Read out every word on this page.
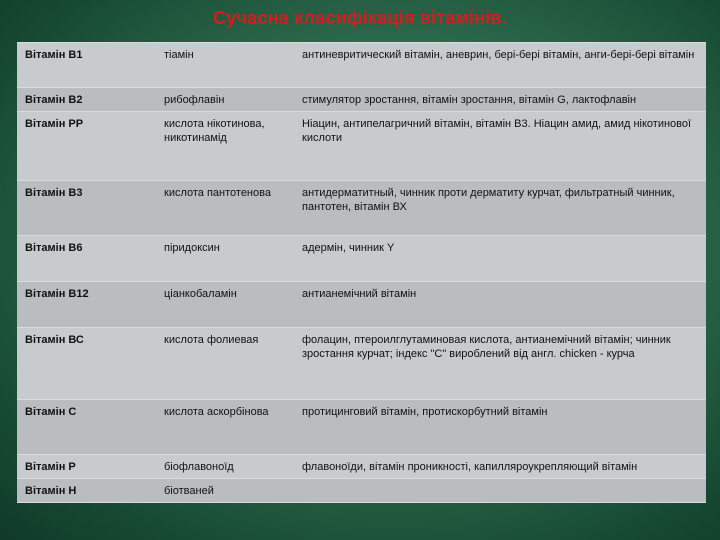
Сучасна класифікація вітамінів.
Вітамін В1	тіамін	антиневритический вітамін, аневрин, бері-бері вітамін, анги-бері-бері вітамін
Вітамін В2	рибофлавін	стимулятор зростання, вітамін зростання, вітамін G, лактофлавін
Вітамін РР	кислота нікотинова, никотинамід	Ніацин, антипелагричний вітамін, вітамін В3. Ніацин амид, амид нікотинової кислоти
Вітамін В3	кислота пантотенова	антидерматитный, чинник проти дерматиту курчат, фильтратный чинник, пантотен, вітамін ВХ
Вітамін В6	піридоксин	адермін, чинник Y
Вітамін В12	ціанкобаламін	антианемічний вітамін
Вітамін ВС	кислота фолиевая	фолацин, птероилглутаминовая кислота, антианемічний вітамін; чинник зростання курчат; індекс "С" вироблений від англ. chicken - курча
Вітамін С	кислота аскорбінова	протицинговий вітамін, протискорбутний вітамін
Вітамін Р	біофлавоноїд	флавоноїди, вітамін проникності, капилляроукрепляющий вітамін
Вітамін Н	біотваней	
